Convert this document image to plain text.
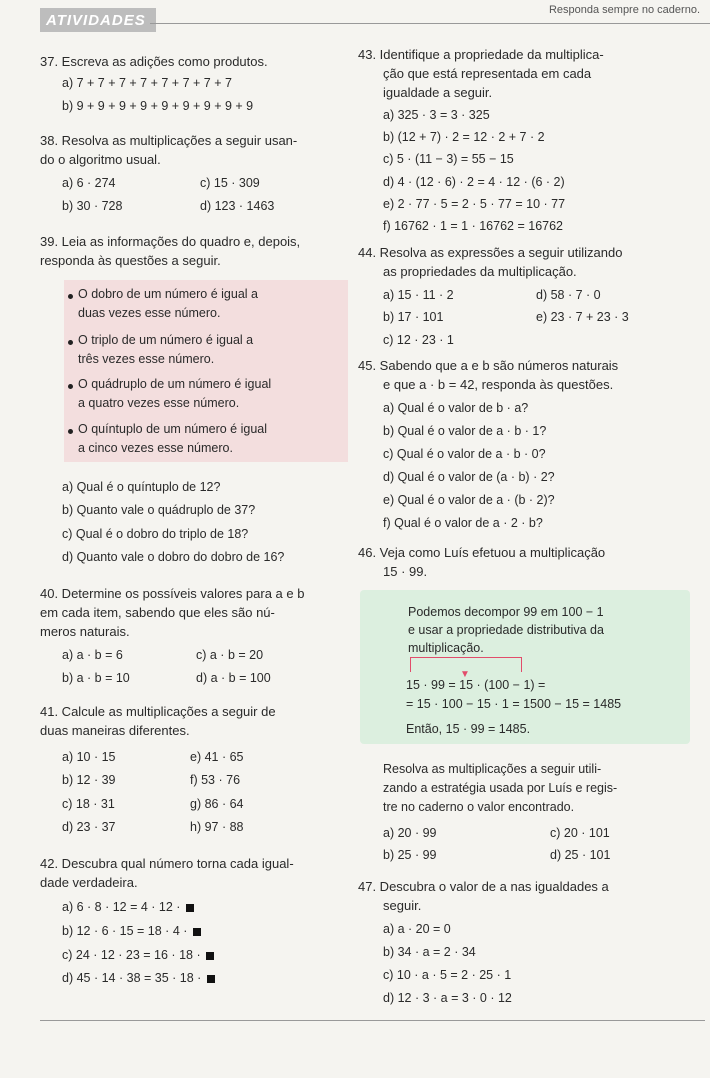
ATIVIDADES
Responda sempre no caderno.
37. Escreva as adições como produtos.
a) 7 + 7 + 7 + 7 + 7 + 7 + 7 + 7
b) 9 + 9 + 9 + 9 + 9 + 9 + 9 + 9 + 9
38. Resolva as multiplicações a seguir usan-
do o algoritmo usual.
a) 6 · 274	c) 15 · 309
b) 30 · 728	d) 123 · 1463
39. Leia as informações do quadro e, depois,
responda às questões a seguir.
O dobro de um número é igual a
duas vezes esse número.
O triplo de um número é igual a
três vezes esse número.
O quádruplo de um número é igual
a quatro vezes esse número.
O quíntuplo de um número é igual
a cinco vezes esse número.
a) Qual é o quíntuplo de 12?
b) Quanto vale o quádruplo de 37?
c) Qual é o dobro do triplo de 18?
d) Quanto vale o dobro do dobro de 16?
40. Determine os possíveis valores para a e b
em cada item, sabendo que eles são nú-
meros naturais.
a) a · b = 6	c) a · b = 20
b) a · b = 10	d) a · b = 100
41. Calcule as multiplicações a seguir de
duas maneiras diferentes.
a) 10 · 15	e) 41 · 65
b) 12 · 39	f) 53 · 76
c) 18 · 31	g) 86 · 64
d) 23 · 37	h) 97 · 88
42. Descubra qual número torna cada igual-
dade verdadeira.
a) 6 · 8 · 12 = 4 · 12 ·
b) 12 · 6 · 15 = 18 · 4 ·
c) 24 · 12 · 23 = 16 · 18 ·
d) 45 · 14 · 38 = 35 · 18 ·
43. Identifique a propriedade da multiplica-
ção que está representada em cada
igualdade a seguir.
a) 325 · 3 = 3 · 325
b) (12 + 7) · 2 = 12 · 2 + 7 · 2
c) 5 · (11 − 3) = 55 − 15
d) 4 · (12 · 6) · 2 = 4 · 12 · (6 · 2)
e) 2 · 77 · 5 = 2 · 5 · 77 = 10 · 77
f) 16762 · 1 = 1 · 16762 = 16762
44. Resolva as expressões a seguir utilizando
as propriedades da multiplicação.
a) 15 · 11 · 2	d) 58 · 7 · 0
b) 17 · 101	e) 23 · 7 + 23 · 3
c) 12 · 23 · 1
45. Sabendo que a e b são números naturais
e que a · b = 42, responda às questões.
a) Qual é o valor de b · a?
b) Qual é o valor de a · b · 1?
c) Qual é o valor de a · b · 0?
d) Qual é o valor de (a · b) · 2?
e) Qual é o valor de a · (b · 2)?
f) Qual é o valor de a · 2 · b?
46. Veja como Luís efetuou a multiplicação
15 · 99.
Podemos decompor 99 em 100 − 1
e usar a propriedade distributiva da
multiplicação.
▼
15 · 99 = 15 · (100 − 1) =
= 15 · 100 − 15 · 1 = 1500 − 15 = 1485
Então, 15 · 99 = 1485.
Resolva as multiplicações a seguir utili-
zando a estratégia usada por Luís e regis-
tre no caderno o valor encontrado.
a) 20 · 99	c) 20 · 101
b) 25 · 99	d) 25 · 101
47. Descubra o valor de a nas igualdades a
seguir.
a) a · 20 = 0
b) 34 · a = 2 · 34
c) 10 · a · 5 = 2 · 25 · 1
d) 12 · 3 · a = 3 · 0 · 12
